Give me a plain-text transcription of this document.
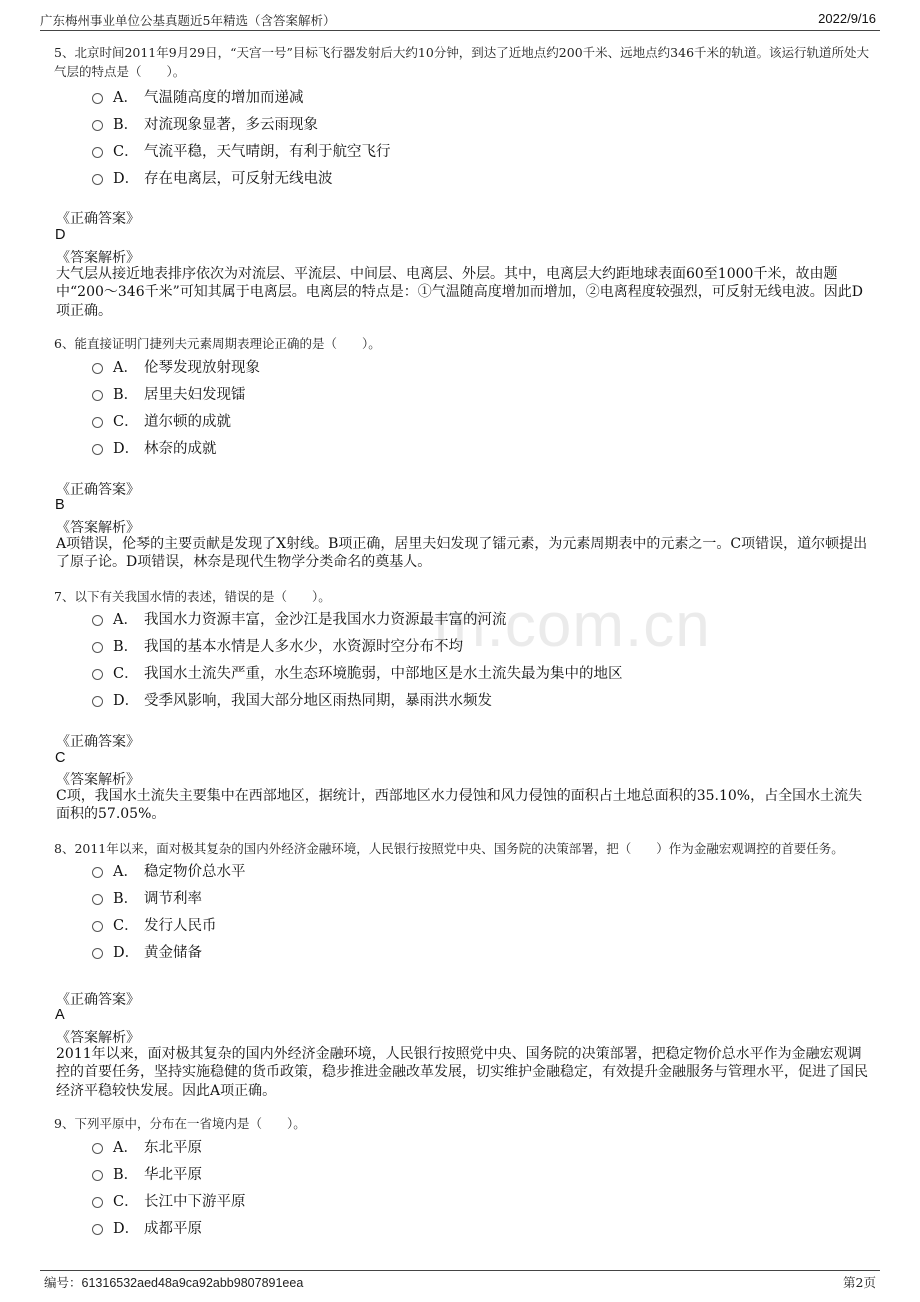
广东梅州事业单位公基真题近5年精选（含答案解析）	2022/9/16
m.com.cn
5、北京时间2011年9月29日，“天宫一号”目标飞行器发射后大约10分钟，到达了近地点约200千米、远地点约346千米的轨道。该运行轨道所处大气层的特点是（　　）。
A． 气温随高度的增加而递减
B． 对流现象显著，多云雨现象
C． 气流平稳，天气晴朗，有利于航空飞行
D． 存在电离层，可反射无线电波
《正确答案》
D
《答案解析》
大气层从接近地表排序依次为对流层、平流层、中间层、电离层、外层。其中，电离层大约距地球表面60至1000千米，故由题中“200～346千米”可知其属于电离层。电离层的特点是：①气温随高度增加而增加，②电离程度较强烈，可反射无线电波。因此D项正确。
6、能直接证明门捷列夫元素周期表理论正确的是（　　）。
A． 伦琴发现放射现象
B． 居里夫妇发现镭
C． 道尔顿的成就
D． 林奈的成就
《正确答案》
B
《答案解析》
A项错误，伦琴的主要贡献是发现了X射线。B项正确，居里夫妇发现了镭元素，为元素周期表中的元素之一。C项错误，道尔顿提出了原子论。D项错误，林奈是现代生物学分类命名的奠基人。
7、以下有关我国水情的表述，错误的是（　　）。
A． 我国水力资源丰富，金沙江是我国水力资源最丰富的河流
B． 我国的基本水情是人多水少，水资源时空分布不均
C． 我国水土流失严重，水生态环境脆弱，中部地区是水土流失最为集中的地区
D． 受季风影响，我国大部分地区雨热同期，暴雨洪水频发
《正确答案》
C
《答案解析》
C项，我国水土流失主要集中在西部地区，据统计，西部地区水力侵蚀和风力侵蚀的面积占土地总面积的35.10%，占全国水土流失面积的57.05%。
8、2011年以来，面对极其复杂的国内外经济金融环境，人民银行按照党中央、国务院的决策部署，把（　　）作为金融宏观调控的首要任务。
A． 稳定物价总水平
B． 调节利率
C． 发行人民币
D． 黄金储备
《正确答案》
A
《答案解析》
2011年以来，面对极其复杂的国内外经济金融环境，人民银行按照党中央、国务院的决策部署，把稳定物价总水平作为金融宏观调控的首要任务，坚持实施稳健的货币政策，稳步推进金融改革发展，切实维护金融稳定，有效提升金融服务与管理水平，促进了国民经济平稳较快发展。因此A项正确。
9、下列平原中，分布在一省境内是（　　）。
A． 东北平原
B． 华北平原
C． 长江中下游平原
D． 成都平原
编号：61316532aed48a9ca92abb9807891eea	第2页
